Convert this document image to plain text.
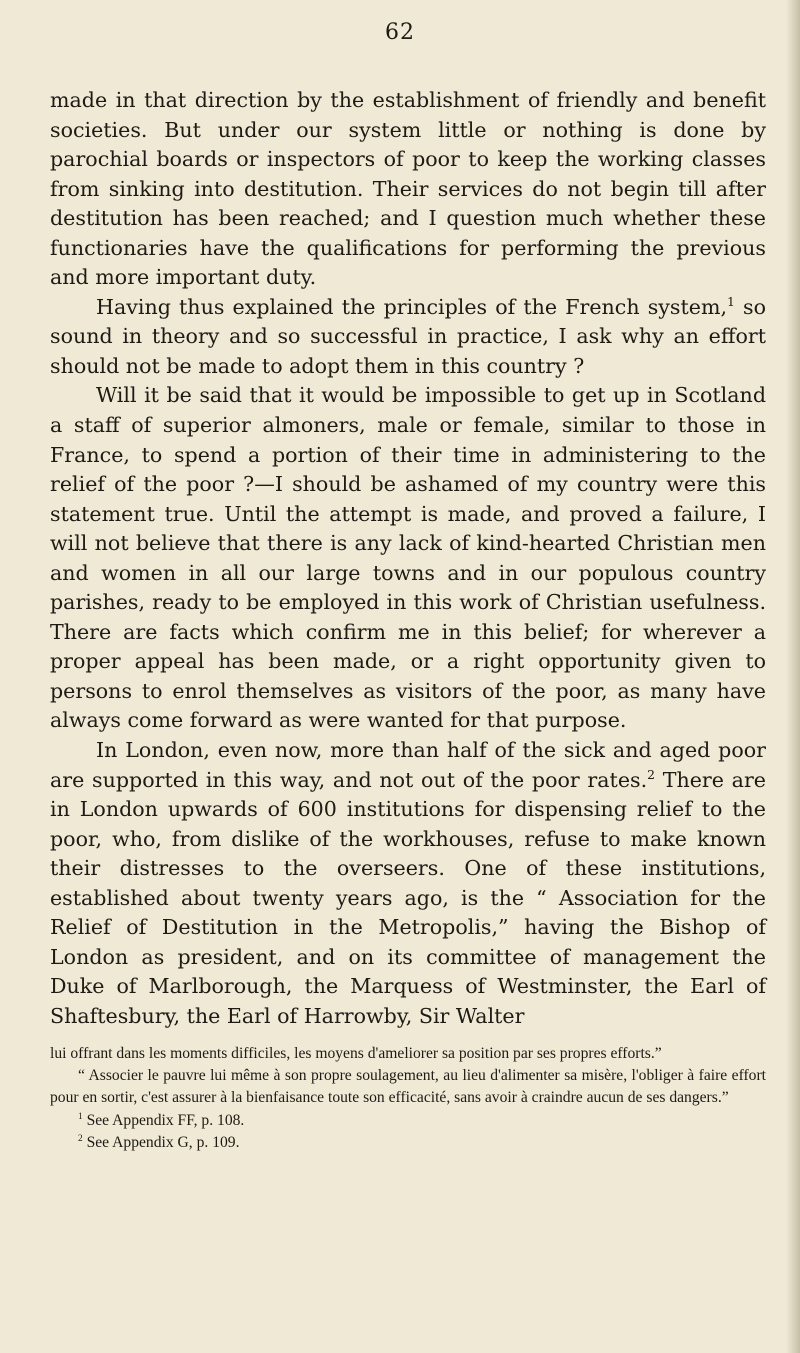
62

made in that direction by the establishment of friendly and benefit societies. But under our system little or nothing is done by parochial boards or inspectors of poor to keep the working classes from sinking into destitution. Their services do not begin till after destitution has been reached; and I question much whether these functionaries have the qualifications for performing the previous and more important duty.

Having thus explained the principles of the French system,$^1$ so sound in theory and so successful in practice, I ask why an effort should not be made to adopt them in this country ?

Will it be said that it would be impossible to get up in Scotland a staff of superior almoners, male or female, similar to those in France, to spend a portion of their time in administering to the relief of the poor ?—I should be ashamed of my country were this statement true. Until the attempt is made, and proved a failure, I will not believe that there is any lack of kind-hearted Christian men and women in all our large towns and in our populous country parishes, ready to be employed in this work of Christian usefulness. There are facts which confirm me in this belief; for wherever a proper appeal has been made, or a right opportunity given to persons to enrol themselves as visitors of the poor, as many have always come forward as were wanted for that purpose.

In London, even now, more than half of the sick and aged poor are supported in this way, and not out of the poor rates.$^2$ There are in London upwards of 600 institutions for dispensing relief to the poor, who, from dislike of the workhouses, refuse to make known their distresses to the overseers. One of these institutions, established about twenty years ago, is the “ Association for the Relief of Destitution in the Metropolis,” having the Bishop of London as president, and on its committee of management the Duke of Marlborough, the Marquess of Westminster, the Earl of Shaftesbury, the Earl of Harrowby, Sir Walter

lui offrant dans les moments difficiles, les moyens d'ameliorer sa position par ses propres efforts.”

“ Associer le pauvre lui même à son propre soulagement, au lieu d'alimenter sa misère, l'obliger à faire effort pour en sortir, c'est assurer à la bienfaisance toute son efficacité, sans avoir à craindre aucun de ses dangers.”

$^1$ See Appendix FF, p. 108.

$^2$ See Appendix G, p. 109.
